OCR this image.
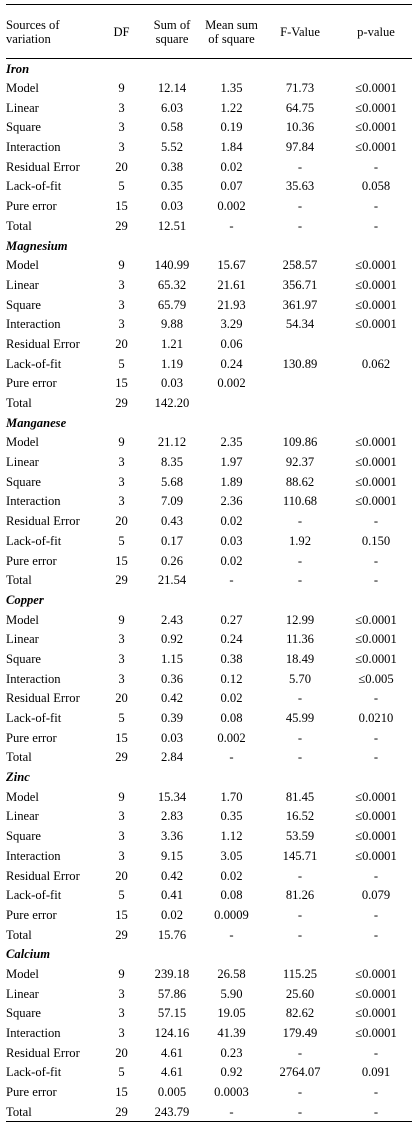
Sources of variation	DF	Sum of square	Mean sum of square	F-Value	p-value
Iron					
Model	9	12.14	1.35	71.73	≤0.0001
Linear	3	6.03	1.22	64.75	≤0.0001
Square	3	0.58	0.19	10.36	≤0.0001
Interaction	3	5.52	1.84	97.84	≤0.0001
Residual Error	20	0.38	0.02	-	-
Lack-of-fit	5	0.35	0.07	35.63	0.058
Pure error	15	0.03	0.002	-	-
Total	29	12.51	-	-	-
Magnesium					
Model	9	140.99	15.67	258.57	≤0.0001
Linear	3	65.32	21.61	356.71	≤0.0001
Square	3	65.79	21.93	361.97	≤0.0001
Interaction	3	9.88	3.29	54.34	≤0.0001
Residual Error	20	1.21	0.06		
Lack-of-fit	5	1.19	0.24	130.89	0.062
Pure error	15	0.03	0.002		
Total	29	142.20			
Manganese					
Model	9	21.12	2.35	109.86	≤0.0001
Linear	3	8.35	1.97	92.37	≤0.0001
Square	3	5.68	1.89	88.62	≤0.0001
Interaction	3	7.09	2.36	110.68	≤0.0001
Residual Error	20	0.43	0.02	-	-
Lack-of-fit	5	0.17	0.03	1.92	0.150
Pure error	15	0.26	0.02	-	-
Total	29	21.54	-	-	-
Copper					
Model	9	2.43	0.27	12.99	≤0.0001
Linear	3	0.92	0.24	11.36	≤0.0001
Square	3	1.15	0.38	18.49	≤0.0001
Interaction	3	0.36	0.12	5.70	≤0.005
Residual Error	20	0.42	0.02	-	-
Lack-of-fit	5	0.39	0.08	45.99	0.0210
Pure error	15	0.03	0.002	-	-
Total	29	2.84	-	-	-
Zinc					
Model	9	15.34	1.70	81.45	≤0.0001
Linear	3	2.83	0.35	16.52	≤0.0001
Square	3	3.36	1.12	53.59	≤0.0001
Interaction	3	9.15	3.05	145.71	≤0.0001
Residual Error	20	0.42	0.02	-	-
Lack-of-fit	5	0.41	0.08	81.26	0.079
Pure error	15	0.02	0.0009	-	-
Total	29	15.76	-	-	-
Calcium					
Model	9	239.18	26.58	115.25	≤0.0001
Linear	3	57.86	5.90	25.60	≤0.0001
Square	3	57.15	19.05	82.62	≤0.0001
Interaction	3	124.16	41.39	179.49	≤0.0001
Residual Error	20	4.61	0.23	-	-
Lack-of-fit	5	4.61	0.92	2764.07	0.091
Pure error	15	0.005	0.0003	-	-
Total	29	243.79	-	-	-
